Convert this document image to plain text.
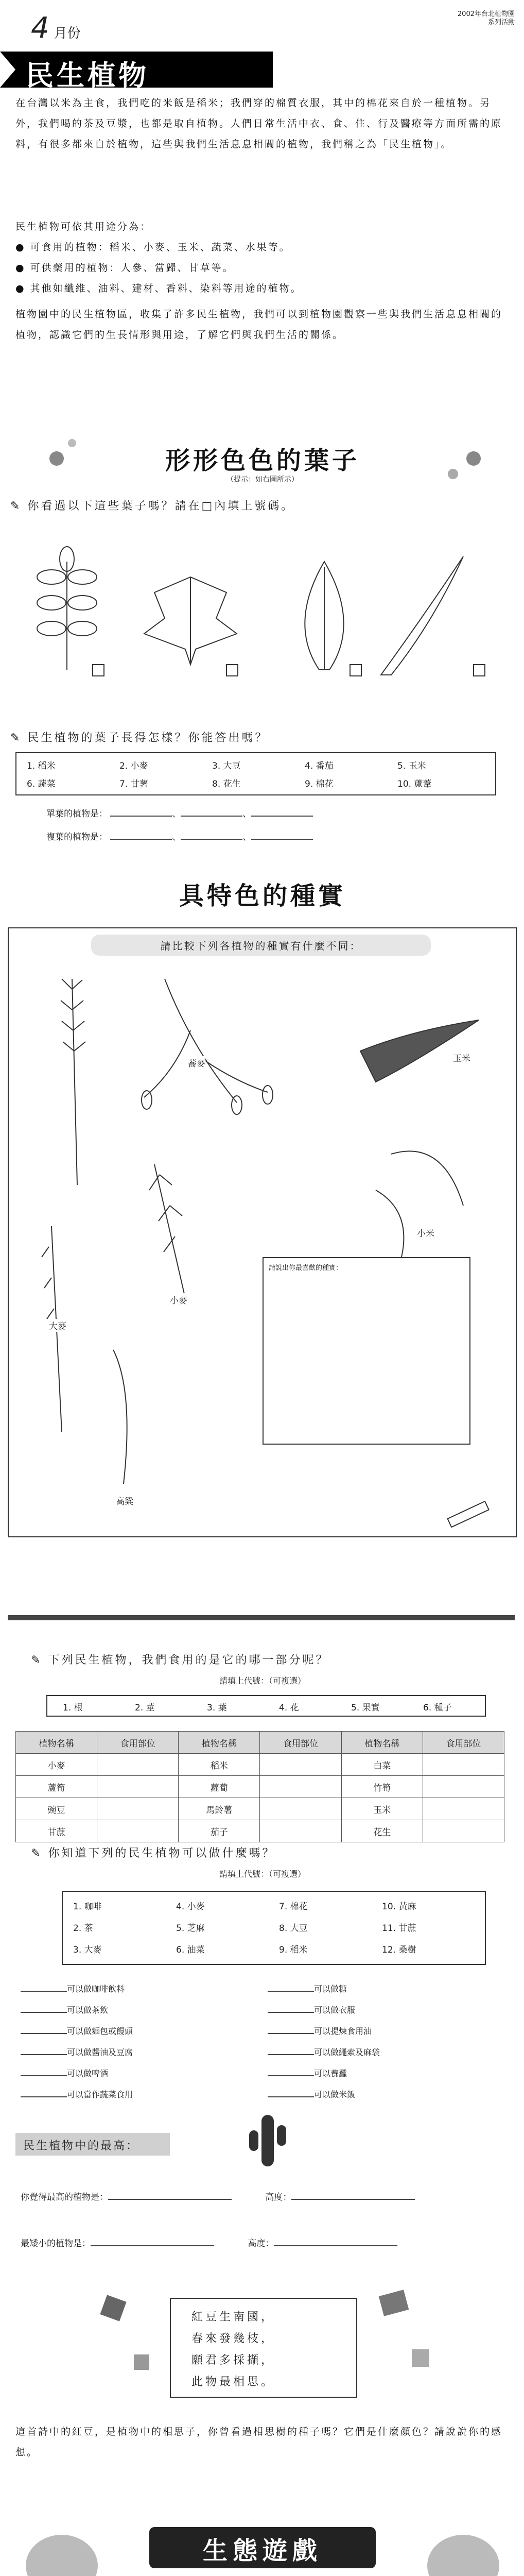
4 月份
2002年台北植物園
系列活動
民生植物
在台灣以米為主食，我們吃的米飯是稻米；我們穿的棉質衣服，其中的棉花來自於一種植物。另外，我們喝的茶及豆漿，也都是取自植物。人們日常生活中衣、食、住、行及醫療等方面所需的原料，有很多都來自於植物，這些與我們生活息息相關的植物，我們稱之為「民生植物」。
民生植物可依其用途分為：
● 可食用的植物：稻米、小麥、玉米、蔬菜、水果等。
● 可供藥用的植物：人參、當歸、甘草等。
● 其他如纖維、油料、建材、香料、染料等用途的植物。
植物園中的民生植物區，收集了許多民生植物，我們可以到植物園觀察一些與我們生活息息相關的植物，認識它們的生長情形與用途，了解它們與我們生活的關係。
形形色色的葉子
（提示：如右圖所示）
✎ 你看過以下這些葉子嗎？請在□內填上號碼。
✎ 民生植物的葉子長得怎樣？你能答出嗎？
1. 稻米	2. 小麥	3. 大豆	4. 番茄	5. 玉米
6. 蔬菜	7. 甘薯	8. 花生	9. 棉花	10. 蘆葦
單葉的植物是：	、	、
複葉的植物是：	、	、
具特色的種實
請比較下列各植物的種實有什麼不同：
蕎麥	玉米
小米
小麥
大麥
高粱
請說出你最喜歡的種實：
✎ 下列民生植物，我們食用的是它的哪一部分呢？
請填上代號：（可複選）
1. 根	2. 莖	3. 葉	4. 花	5. 果實	6. 種子
植物名稱	食用部位	植物名稱	食用部位	植物名稱	食用部位
小麥		稻米		白菜	
蘆筍		蘿蔔		竹筍	
豌豆		馬鈴薯		玉米	
甘蔗		茄子		花生	
✎ 你知道下列的民生植物可以做什麼嗎？
請填上代號：（可複選）
1. 咖啡	4. 小麥	7. 棉花	10. 黃麻
2. 茶	5. 芝麻	8. 大豆	11. 甘蔗
3. 大麥	6. 油菜	9. 稻米	12. 桑樹
可以做咖啡飲料
可以做茶飲
可以做麵包或饅頭
可以做醬油及豆腐
可以做啤酒
可以當作蔬菜食用
可以做糖
可以做衣服
可以提煉食用油
可以做繩索及麻袋
可以養蠶
可以做米飯
民生植物中的最高：
你覺得最高的植物是：	高度：
最矮小的植物是：	高度：
紅豆生南國，
春來發幾枝，
願君多採擷，
此物最相思。
這首詩中的紅豆，是植物中的相思子，你曾看過相思樹的種子嗎？它們是什麼顏色？請說說你的感想。
生態遊戲
